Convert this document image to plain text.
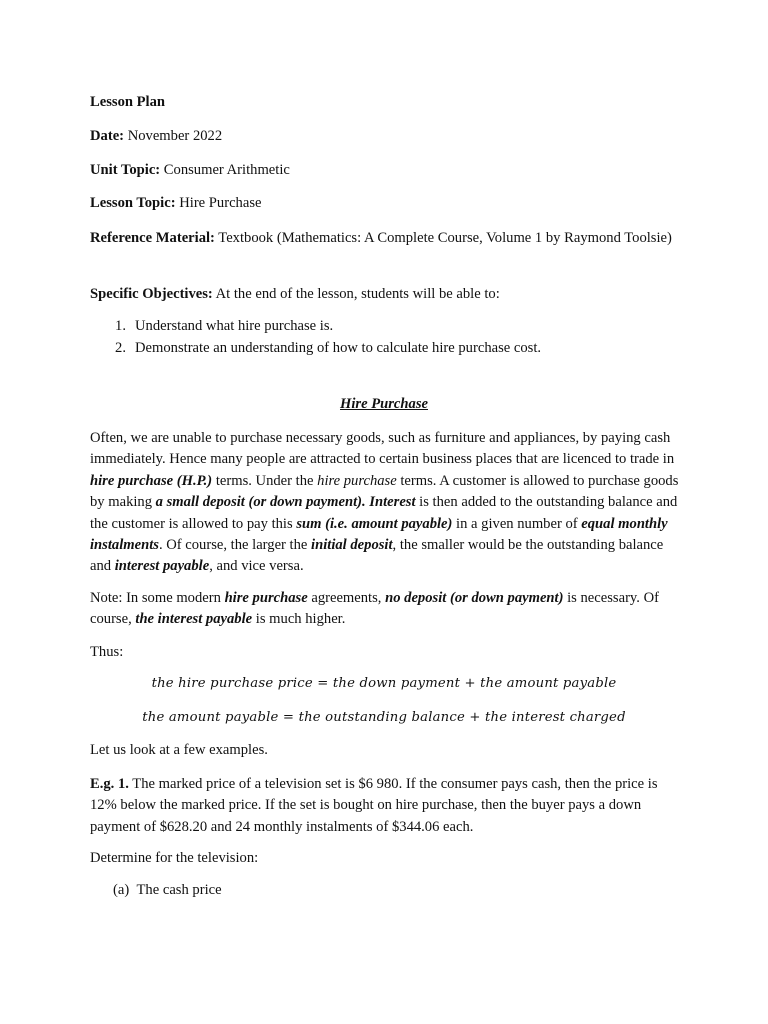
Lesson Plan
Date: November 2022
Unit Topic: Consumer Arithmetic
Lesson Topic: Hire Purchase
Reference Material: Textbook (Mathematics: A Complete Course, Volume 1 by Raymond Toolsie)
Specific Objectives: At the end of the lesson, students will be able to:
1. Understand what hire purchase is.
2. Demonstrate an understanding of how to calculate hire purchase cost.
Hire Purchase
Often, we are unable to purchase necessary goods, such as furniture and appliances, by paying cash immediately. Hence many people are attracted to certain business places that are licenced to trade in hire purchase (H.P.) terms. Under the hire purchase terms. A customer is allowed to purchase goods by making a small deposit (or down payment). Interest is then added to the outstanding balance and the customer is allowed to pay this sum (i.e. amount payable) in a given number of equal monthly instalments. Of course, the larger the initial deposit, the smaller would be the outstanding balance and interest payable, and vice versa.
Note: In some modern hire purchase agreements, no deposit (or down payment) is necessary. Of course, the interest payable is much higher.
Thus:
the hire purchase price = the down payment + the amount payable
the amount payable = the outstanding balance + the interest charged
Let us look at a few examples.
E.g. 1. The marked price of a television set is $6 980. If the consumer pays cash, then the price is 12% below the marked price. If the set is bought on hire purchase, then the buyer pays a down payment of $628.20 and 24 monthly instalments of $344.06 each.
Determine for the television:
(a) The cash price
